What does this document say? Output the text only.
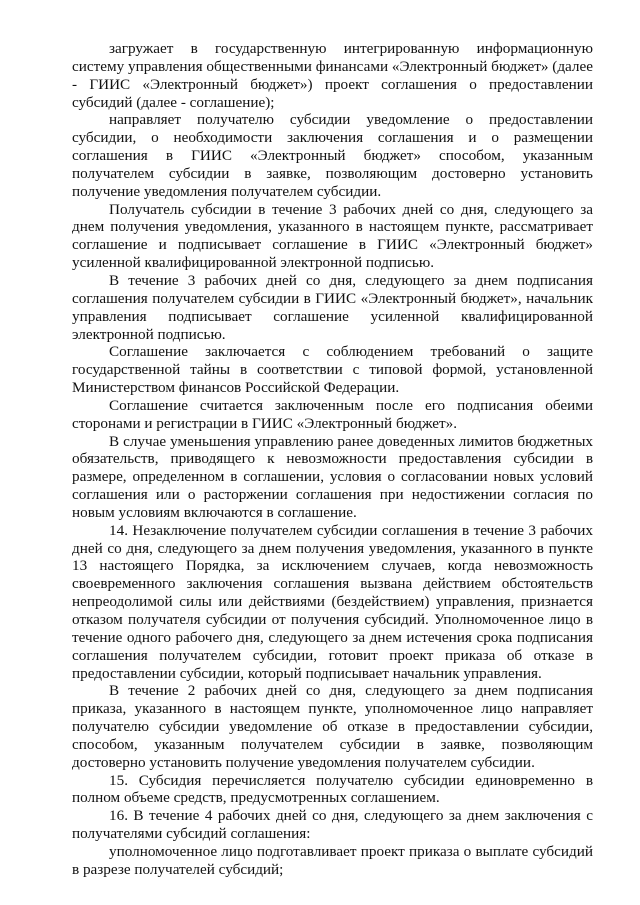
загружает в государственную интегрированную информационную систему управления общественными финансами «Электронный бюджет» (далее - ГИИС «Электронный бюджет») проект соглашения о предоставлении субсидий (далее - соглашение);

направляет получателю субсидии уведомление о предоставлении субсидии, о необходимости заключения соглашения и о размещении соглашения в ГИИС «Электронный бюджет» способом, указанным получателем субсидии в заявке, позволяющим достоверно установить получение уведомления получателем субсидии.

Получатель субсидии в течение 3 рабочих дней со дня, следующего за днем получения уведомления, указанного в настоящем пункте, рассматривает соглашение и подписывает соглашение в ГИИС «Электронный бюджет» усиленной квалифицированной электронной подписью.

В течение 3 рабочих дней со дня, следующего за днем подписания соглашения получателем субсидии в ГИИС «Электронный бюджет», начальник управления подписывает соглашение усиленной квалифицированной электронной подписью.

Соглашение заключается с соблюдением требований о защите государственной тайны в соответствии с типовой формой, установленной Министерством финансов Российской Федерации.

Соглашение считается заключенным после его подписания обеими сторонами и регистрации в ГИИС «Электронный бюджет».

В случае уменьшения управлению ранее доведенных лимитов бюджетных обязательств, приводящего к невозможности предоставления субсидии в размере, определенном в соглашении, условия о согласовании новых условий соглашения или о расторжении соглашения при недостижении согласия по новым условиям включаются в соглашение.

14. Незаключение получателем субсидии соглашения в течение 3 рабочих дней со дня, следующего за днем получения уведомления, указанного в пункте 13 настоящего Порядка, за исключением случаев, когда невозможность своевременного заключения соглашения вызвана действием обстоятельств непреодолимой силы или действиями (бездействием) управления, признается отказом получателя субсидии от получения субсидий. Уполномоченное лицо в течение одного рабочего дня, следующего за днем истечения срока подписания соглашения получателем субсидии, готовит проект приказа об отказе в предоставлении субсидии, который подписывает начальник управления.

В течение 2 рабочих дней со дня, следующего за днем подписания приказа, указанного в настоящем пункте, уполномоченное лицо направляет получателю субсидии уведомление об отказе в предоставлении субсидии, способом, указанным получателем субсидии в заявке, позволяющим достоверно установить получение уведомления получателем субсидии.

15. Субсидия перечисляется получателю субсидии единовременно в полном объеме средств, предусмотренных соглашением.

16. В течение 4 рабочих дней со дня, следующего за днем заключения с получателями субсидий соглашения:

уполномоченное лицо подготавливает проект приказа о выплате субсидий в разрезе получателей субсидий;
